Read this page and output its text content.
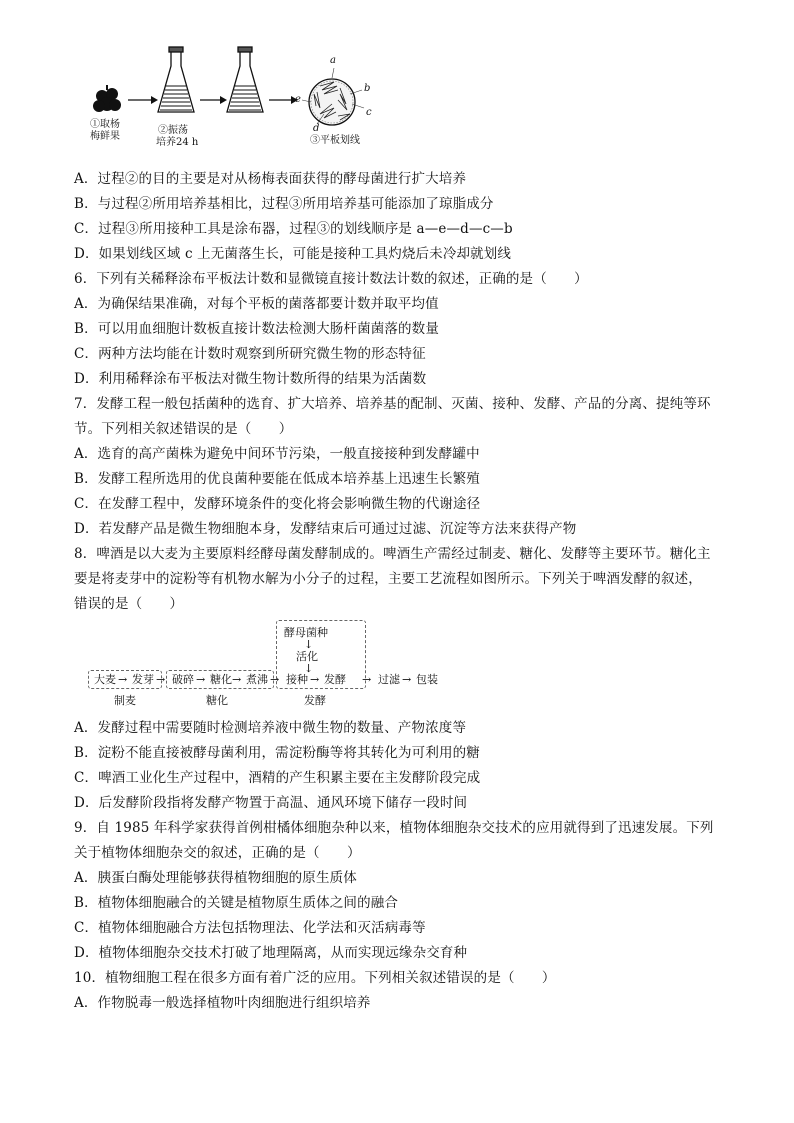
①取杨
梅鲜果
②振荡
培养24 h	③平板划线
a
b
c
d
e
A．过程②的目的主要是对从杨梅表面获得的酵母菌进行扩大培养
B．与过程②所用培养基相比，过程③所用培养基可能添加了琼脂成分
C．过程③所用接种工具是涂布器，过程③的划线顺序是 a—e—d—c—b
D．如果划线区域 c 上无菌落生长，可能是接种工具灼烧后未冷却就划线
6．下列有关稀释涂布平板法计数和显微镜直接计数法计数的叙述，正确的是（　　）
A．为确保结果准确，对每个平板的菌落都要计数并取平均值
B．可以用血细胞计数板直接计数法检测大肠杆菌菌落的数量
C．两种方法均能在计数时观察到所研究微生物的形态特征
D．利用稀释涂布平板法对微生物计数所得的结果为活菌数
7．发酵工程一般包括菌种的选育、扩大培养、培养基的配制、灭菌、接种、发酵、产品的分离、提纯等环
节。下列相关叙述错误的是（　　）
A．选育的高产菌株为避免中间环节污染，一般直接接种到发酵罐中
B．发酵工程所选用的优良菌种要能在低成本培养基上迅速生长繁殖
C．在发酵工程中，发酵环境条件的变化将会影响微生物的代谢途径
D．若发酵产品是微生物细胞本身，发酵结束后可通过过滤、沉淀等方法来获得产物
8．啤酒是以大麦为主要原料经酵母菌发酵制成的。啤酒生产需经过制麦、糖化、发酵等主要环节。糖化主
要是将麦芽中的淀粉等有机物水解为小分子的过程，主要工艺流程如图所示。下列关于啤酒发酵的叙述，
错误的是（　　）
酵母菌种
↓
活化
↓
大麦 → 发芽 → 破碎 → 糖化 → 煮沸 → 接种 → 发酵 → 过滤 → 包装
制麦	糖化	发酵
A．发酵过程中需要随时检测培养液中微生物的数量、产物浓度等
B．淀粉不能直接被酵母菌利用，需淀粉酶等将其转化为可利用的糖
C．啤酒工业化生产过程中，酒精的产生积累主要在主发酵阶段完成
D．后发酵阶段指将发酵产物置于高温、通风环境下储存一段时间
9．自 1985 年科学家获得首例柑橘体细胞杂种以来，植物体细胞杂交技术的应用就得到了迅速发展。下列
关于植物体细胞杂交的叙述，正确的是（　　）
A．胰蛋白酶处理能够获得植物细胞的原生质体
B．植物体细胞融合的关键是植物原生质体之间的融合
C．植物体细胞融合方法包括物理法、化学法和灭活病毒等
D．植物体细胞杂交技术打破了地理隔离，从而实现远缘杂交育种
10．植物细胞工程在很多方面有着广泛的应用。下列相关叙述错误的是（　　）
A．作物脱毒一般选择植物叶肉细胞进行组织培养
